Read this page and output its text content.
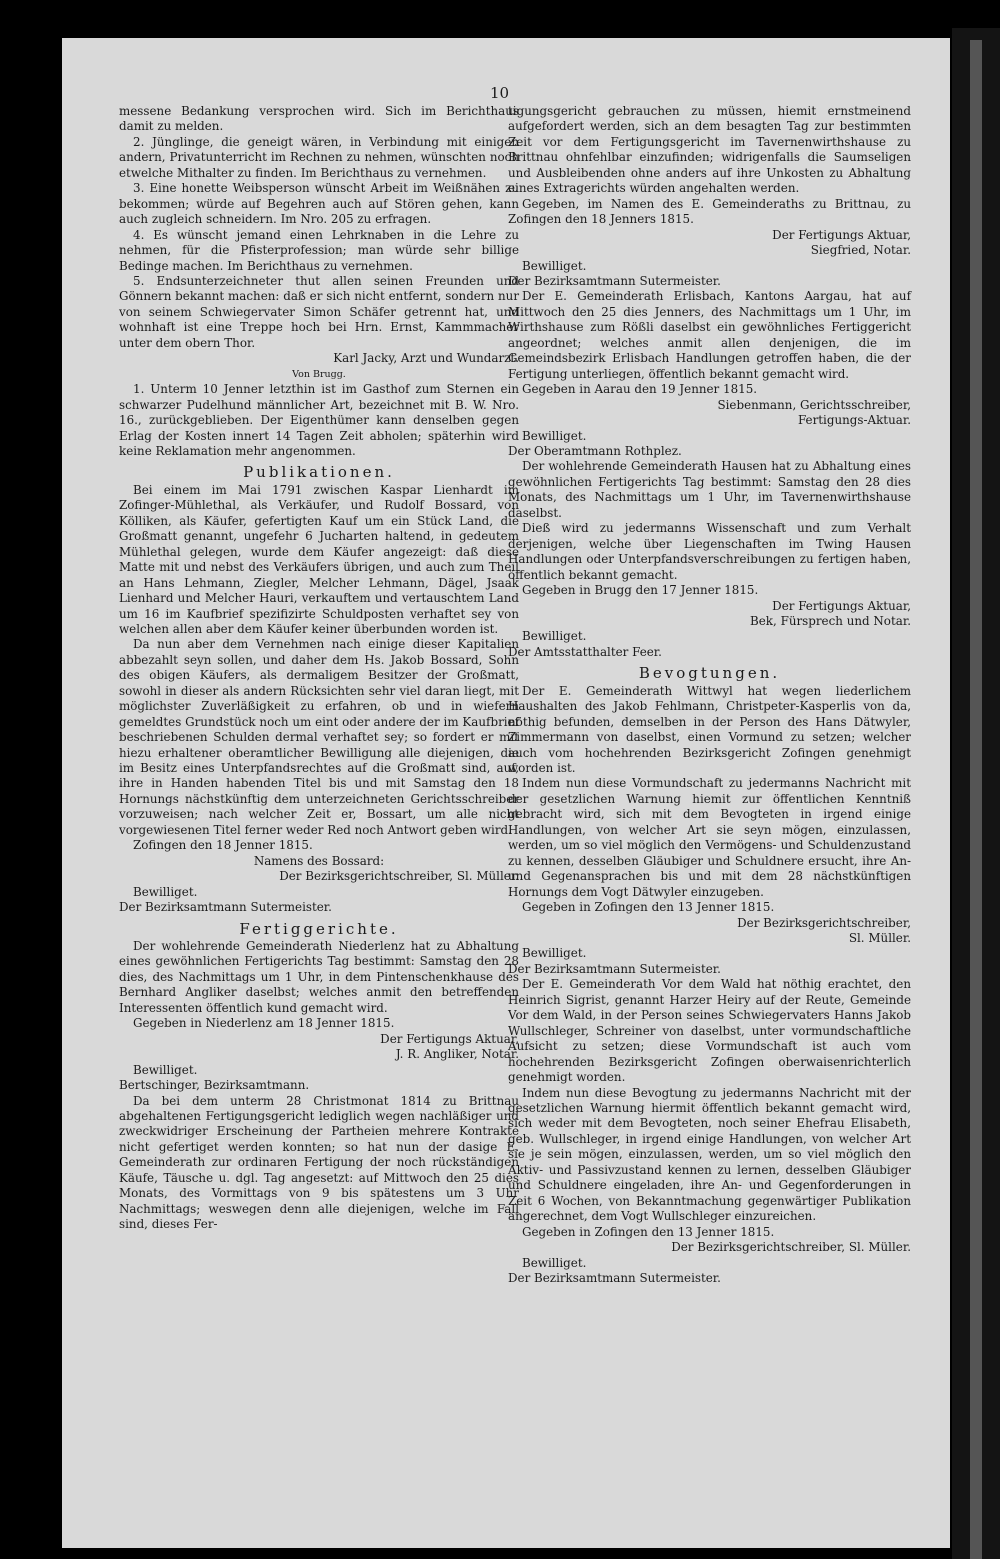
10

messene Bedankung versprochen wird. Sich im Berichthaus damit zu melden.

2. Jünglinge, die geneigt wären, in Verbindung mit einigen andern, Privatunterricht im Rechnen zu nehmen, wünschten noch etwelche Mithalter zu finden. Im Berichthaus zu vernehmen.

3. Eine honette Weibsperson wünscht Arbeit im Weißnähen zu bekommen; würde auf Begehren auch auf Stören gehen, kann auch zugleich schneidern. Im Nro. 205 zu erfragen.

4. Es wünscht jemand einen Lehrknaben in die Lehre zu nehmen, für die Pfisterprofession; man würde sehr billige Bedinge machen. Im Berichthaus zu vernehmen.

5. Endsunterzeichneter thut allen seinen Freunden und Gönnern bekannt machen: daß er sich nicht entfernt, sondern nur von seinem Schwiegervater Simon Schäfer getrennt hat, und wohnhaft ist eine Treppe hoch bei Hrn. Ernst, Kammmacher unter dem obern Thor.

Karl Jacky, Arzt und Wundarzt.

Von Brugg.

1. Unterm 10 Jenner letzthin ist im Gasthof zum Sternen ein schwarzer Pudelhund männlicher Art, bezeichnet mit B. W. Nro. 16., zurückgeblieben. Der Eigenthümer kann denselben gegen Erlag der Kosten innert 14 Tagen Zeit abholen; späterhin wird keine Reklamation mehr angenommen.

Publikationen.

Bei einem im Mai 1791 zwischen Kaspar Lienhardt im Zofinger-Mühlethal, als Verkäufer, und Rudolf Bossard, von Kölliken, als Käufer, gefertigten Kauf um ein Stück Land, die Großmatt genannt, ungefehr 6 Jucharten haltend, in gedeutem Mühlethal gelegen, wurde dem Käufer angezeigt: daß diese Matte mit und nebst des Verkäufers übrigen, und auch zum Theil an Hans Lehmann, Ziegler, Melcher Lehmann, Dägel, Jsaak Lienhard und Melcher Hauri, verkauftem und vertauschtem Land um 16 im Kaufbrief spezifizirte Schuldposten verhaftet sey von welchen allen aber dem Käufer keiner überbunden worden ist.

Da nun aber dem Vernehmen nach einige dieser Kapitalien abbezahlt seyn sollen, und daher dem Hs. Jakob Bossard, Sohn des obigen Käufers, als dermaligem Besitzer der Großmatt, sowohl in dieser als andern Rücksichten sehr viel daran liegt, mit möglichster Zuverläßigkeit zu erfahren, ob und in wiefern gemeldtes Grundstück noch um eint oder andere der im Kaufbrief beschriebenen Schulden dermal verhaftet sey; so fordert er mit hiezu erhaltener oberamtlicher Bewilligung alle diejenigen, die im Besitz eines Unterpfandsrechtes auf die Großmatt sind, auf, ihre in Handen habenden Titel bis und mit Samstag den 18 Hornungs nächstkünftig dem unterzeichneten Gerichtsschreiber vorzuweisen; nach welcher Zeit er, Bossart, um alle nicht vorgewiesenen Titel ferner weder Red noch Antwort geben wird.

Zofingen den 18 Jenner 1815.

Namens des Bossard:

Der Bezirksgerichtschreiber, Sl. Müller.

Bewilliget.

Der Bezirksamtmann Sutermeister.

Fertiggerichte.

Der wohlehrende Gemeinderath Niederlenz hat zu Abhaltung eines gewöhnlichen Fertigerichts Tag bestimmt: Samstag den 28 dies, des Nachmittags um 1 Uhr, in dem Pintenschenkhause des Bernhard Angliker daselbst; welches anmit den betreffenden Interessenten öffentlich kund gemacht wird.

Gegeben in Niederlenz am 18 Jenner 1815.

Der Fertigungs Aktuar,

J. R. Angliker, Notar.

Bewilliget.

Bertschinger, Bezirksamtmann.

Da bei dem unterm 28 Christmonat 1814 zu Brittnau abgehaltenen Fertigungsgericht lediglich wegen nachläßiger und zweckwidriger Erscheinung der Partheien mehrere Kontrakte nicht gefertiget werden konnten; so hat nun der dasige E. Gemeinderath zur ordinaren Fertigung der noch rückständigen Käufe, Täusche u. dgl. Tag angesetzt: auf Mittwoch den 25 dies Monats, des Vormittags von 9 bis spätestens um 3 Uhr Nachmittags; weswegen denn alle diejenigen, welche im Fall sind, dieses Fer-

tigungsgericht gebrauchen zu müssen, hiemit ernstmeinend aufgefordert werden, sich an dem besagten Tag zur bestimmten Zeit vor dem Fertigungsgericht im Tavernenwirthshause zu Brittnau ohnfehlbar einzufinden; widrigenfalls die Saumseligen und Ausbleibenden ohne anders auf ihre Unkosten zu Abhaltung eines Extragerichts würden angehalten werden.

Gegeben, im Namen des E. Gemeinderaths zu Brittnau, zu Zofingen den 18 Jenners 1815.

Der Fertigungs Aktuar,

Siegfried, Notar.

Bewilliget.

Der Bezirksamtmann Sutermeister.

Der E. Gemeinderath Erlisbach, Kantons Aargau, hat auf Mittwoch den 25 dies Jenners, des Nachmittags um 1 Uhr, im Wirthshause zum Rößli daselbst ein gewöhnliches Fertiggericht angeordnet; welches anmit allen denjenigen, die im Gemeindsbezirk Erlisbach Handlungen getroffen haben, die der Fertigung unterliegen, öffentlich bekannt gemacht wird.

Gegeben in Aarau den 19 Jenner 1815.

Siebenmann, Gerichtsschreiber,

Fertigungs-Aktuar.

Bewilliget.

Der Oberamtmann Rothplez.

Der wohlehrende Gemeinderath Hausen hat zu Abhaltung eines gewöhnlichen Fertigerichts Tag bestimmt: Samstag den 28 dies Monats, des Nachmittags um 1 Uhr, im Tavernenwirthshause daselbst.

Dieß wird zu jedermanns Wissenschaft und zum Verhalt derjenigen, welche über Liegenschaften im Twing Hausen Handlungen oder Unterpfandsverschreibungen zu fertigen haben, öffentlich bekannt gemacht.

Gegeben in Brugg den 17 Jenner 1815.

Der Fertigungs Aktuar,

Bek, Fürsprech und Notar.

Bewilliget.

Der Amtsstatthalter Feer.

Bevogtungen.

Der E. Gemeinderath Wittwyl hat wegen liederlichem Haushalten des Jakob Fehlmann, Christpeter-Kasperlis von da, nöthig befunden, demselben in der Person des Hans Dätwyler, Zimmermann von daselbst, einen Vormund zu setzen; welcher auch vom hochehrenden Bezirksgericht Zofingen genehmigt worden ist.

Indem nun diese Vormundschaft zu jedermanns Nachricht mit der gesetzlichen Warnung hiemit zur öffentlichen Kenntniß gebracht wird, sich mit dem Bevogteten in irgend einige Handlungen, von welcher Art sie seyn mögen, einzulassen, werden, um so viel möglich den Vermögens- und Schuldenzustand zu kennen, desselben Gläubiger und Schuldnere ersucht, ihre An- und Gegenansprachen bis und mit dem 28 nächstkünftigen Hornungs dem Vogt Dätwyler einzugeben.

Gegeben in Zofingen den 13 Jenner 1815.

Der Bezirksgerichtschreiber,

Sl. Müller.

Bewilliget.

Der Bezirksamtmann Sutermeister.

Der E. Gemeinderath Vor dem Wald hat nöthig erachtet, den Heinrich Sigrist, genannt Harzer Heiry auf der Reute, Gemeinde Vor dem Wald, in der Person seines Schwiegervaters Hanns Jakob Wullschleger, Schreiner von daselbst, unter vormundschaftliche Aufsicht zu setzen; diese Vormundschaft ist auch vom hochehrenden Bezirksgericht Zofingen oberwaisenrichterlich genehmigt worden.

Indem nun diese Bevogtung zu jedermanns Nachricht mit der gesetzlichen Warnung hiermit öffentlich bekannt gemacht wird, sich weder mit dem Bevogteten, noch seiner Ehefrau Elisabeth, geb. Wullschleger, in irgend einige Handlungen, von welcher Art sie je sein mögen, einzulassen, werden, um so viel möglich den Aktiv- und Passivzustand kennen zu lernen, desselben Gläubiger und Schuldnere eingeladen, ihre An- und Gegenforderungen in Zeit 6 Wochen, von Bekanntmachung gegenwärtiger Publikation angerechnet, dem Vogt Wullschleger einzureichen.

Gegeben in Zofingen den 13 Jenner 1815.

Der Bezirksgerichtschreiber, Sl. Müller.

Bewilliget.

Der Bezirksamtmann Sutermeister.
